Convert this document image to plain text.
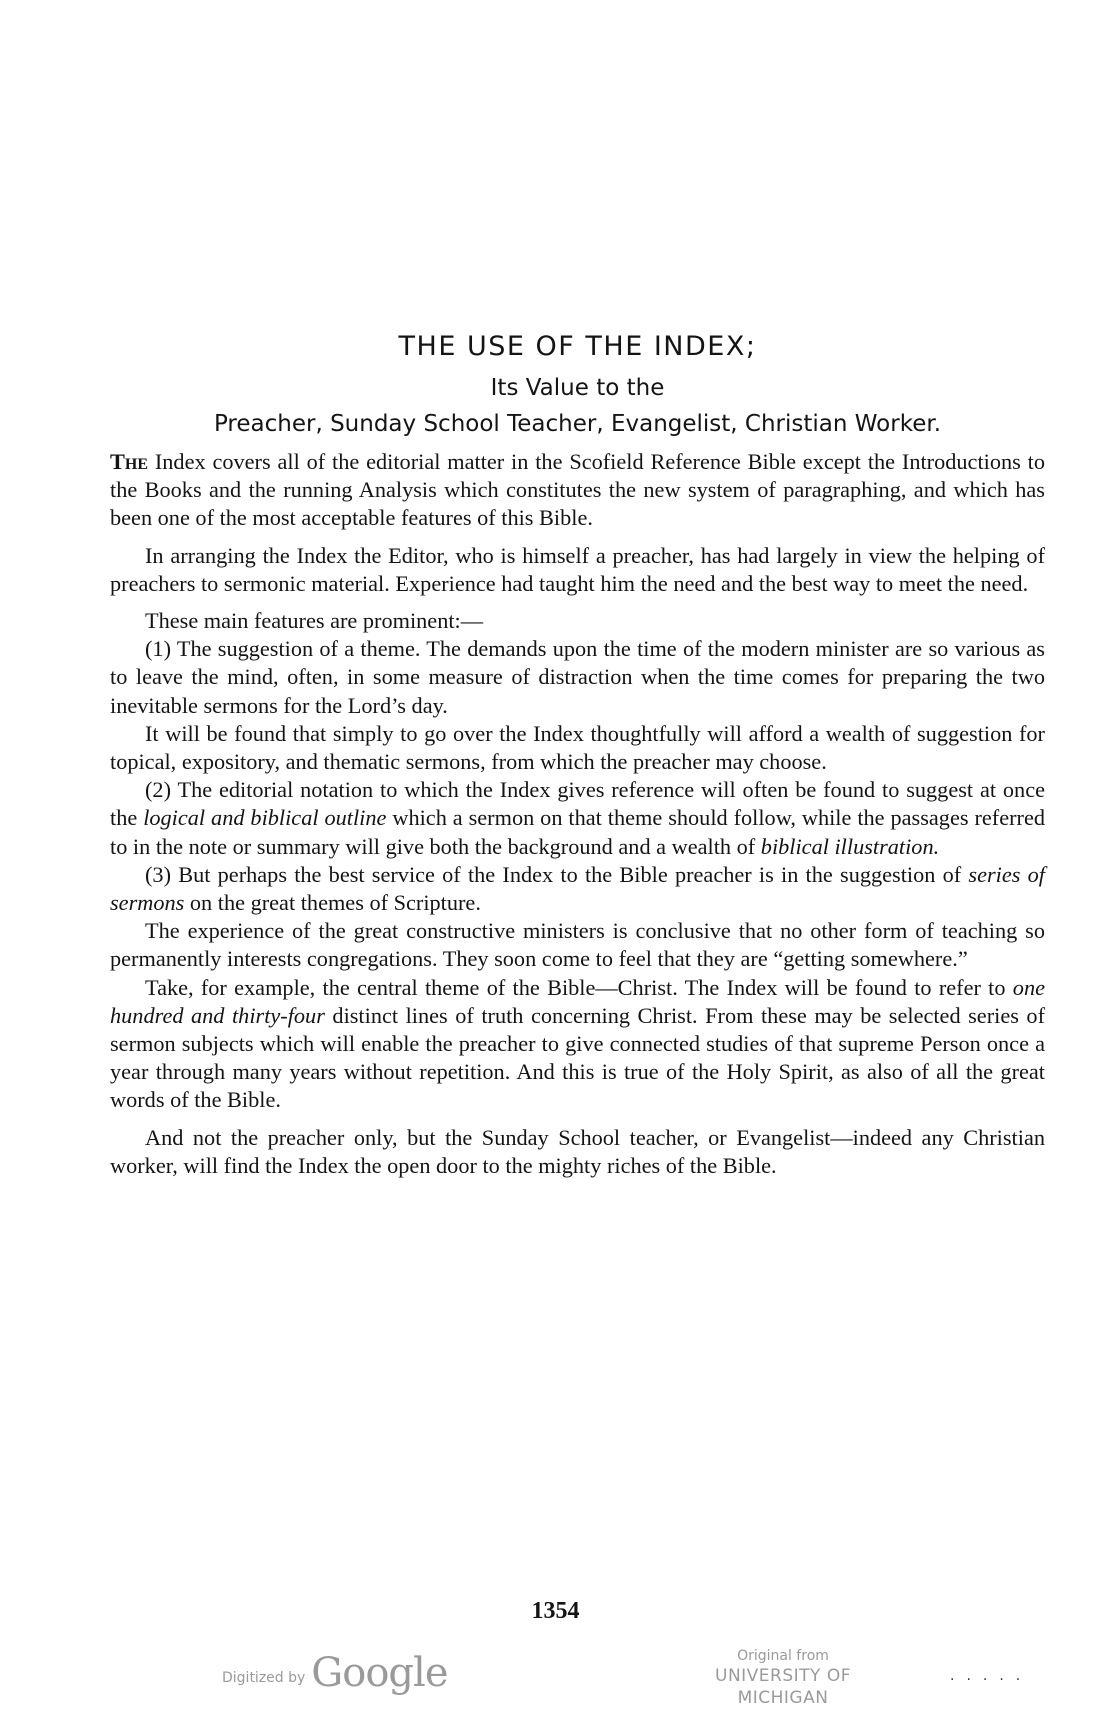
THE USE OF THE INDEX;
Its Value to the
Preacher, Sunday School Teacher, Evangelist, Christian Worker.

The Index covers all of the editorial matter in the Scofield Reference Bible except the Introductions to the Books and the running Analysis which constitutes the new system of paragraphing, and which has been one of the most acceptable features of this Bible.

In arranging the Index the Editor, who is himself a preacher, has had largely in view the helping of preachers to sermonic material. Experience had taught him the need and the best way to meet the need.

These main features are prominent:—

(1) The suggestion of a theme. The demands upon the time of the modern minister are so various as to leave the mind, often, in some measure of distraction when the time comes for preparing the two inevitable sermons for the Lord’s day.

It will be found that simply to go over the Index thoughtfully will afford a wealth of suggestion for topical, expository, and thematic sermons, from which the preacher may choose.

(2) The editorial notation to which the Index gives reference will often be found to suggest at once the logical and biblical outline which a sermon on that theme should follow, while the passages referred to in the note or summary will give both the background and a wealth of biblical illustration.

(3) But perhaps the best service of the Index to the Bible preacher is in the suggestion of series of sermons on the great themes of Scripture.

The experience of the great constructive ministers is conclusive that no other form of teaching so permanently interests congregations. They soon come to feel that they are “getting somewhere.”

Take, for example, the central theme of the Bible—Christ. The Index will be found to refer to one hundred and thirty-four distinct lines of truth concerning Christ. From these may be selected series of sermon subjects which will enable the preacher to give connected studies of that supreme Person once a year through many years without repetition. And this is true of the Holy Spirit, as also of all the great words of the Bible.

And not the preacher only, but the Sunday School teacher, or Evangelist—indeed any Christian worker, will find the Index the open door to the mighty riches of the Bible.

1354
Digitized by Google	Original from
UNIVERSITY OF MICHIGAN
·····
